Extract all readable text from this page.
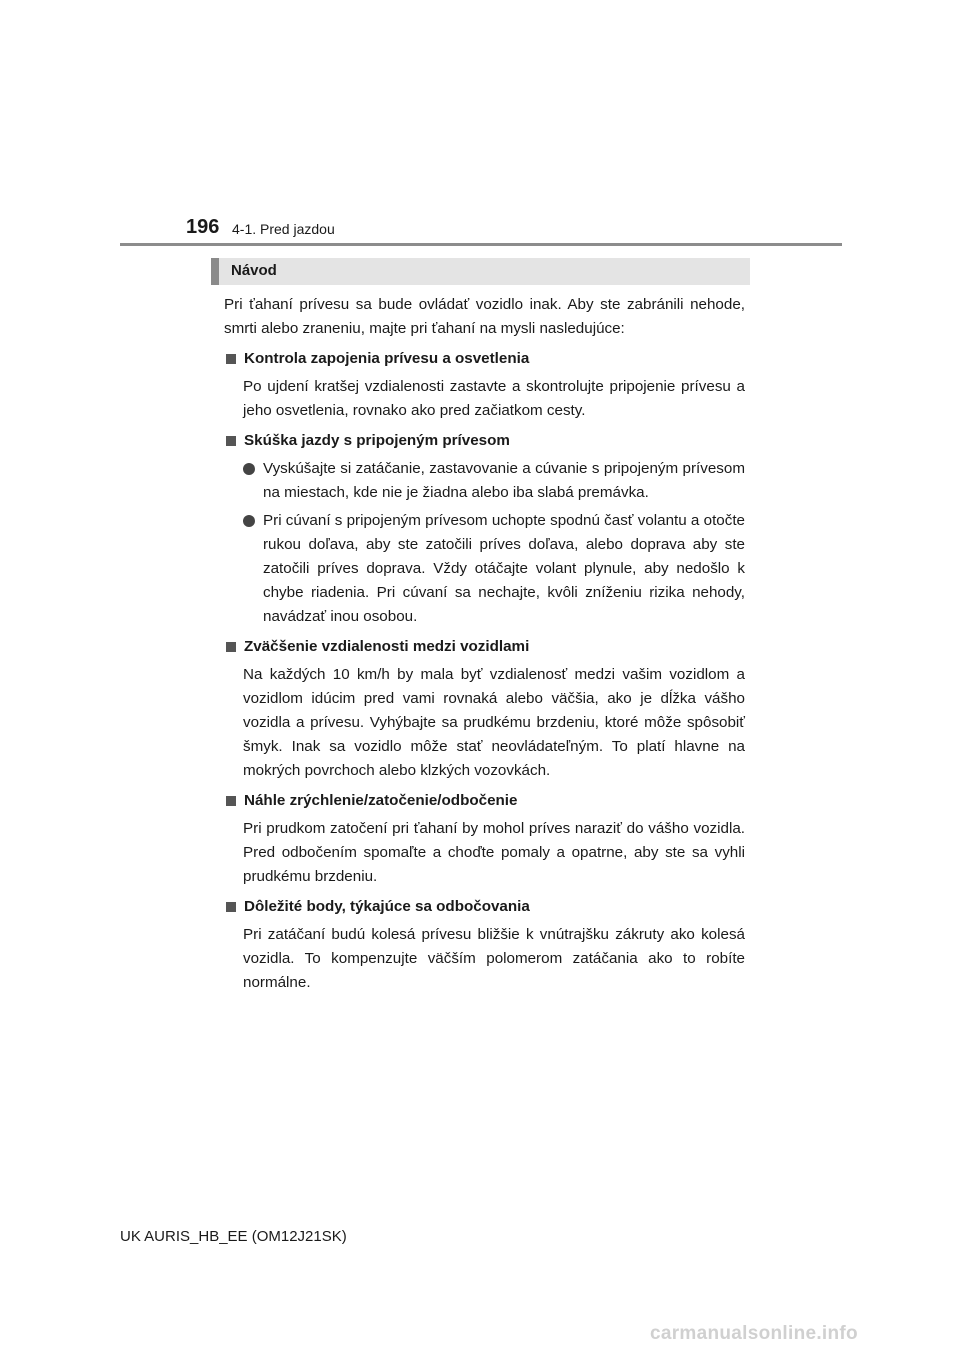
196 4-1. Pred jazdou
Návod

Pri ťahaní prívesu sa bude ovládať vozidlo inak. Aby ste zabránili nehode, smrti alebo zraneniu, majte pri ťahaní na mysli nasledujúce:

Kontrola zapojenia prívesu a osvetlenia

Po ujdení kratšej vzdialenosti zastavte a skontrolujte pripojenie prívesu a jeho osvetlenia, rovnako ako pred začiatkom cesty.

Skúška jazdy s pripojeným prívesom
Vyskúšajte si zatáčanie, zastavovanie a cúvanie s pripojeným prívesom na miestach, kde nie je žiadna alebo iba slabá premávka.
Pri cúvaní s pripojeným prívesom uchopte spodnú časť volantu a otočte rukou doľava, aby ste zatočili príves doľava, alebo doprava aby ste zatočili príves doprava. Vždy otáčajte volant plynule, aby nedošlo k chybe riadenia. Pri cúvaní sa nechajte, kvôli zníženiu rizika nehody, navádzať inou osobou.
Zväčšenie vzdialenosti medzi vozidlami

Na každých 10 km/h by mala byť vzdialenosť medzi vašim vozidlom a vozidlom idúcim pred vami rovnaká alebo väčšia, ako je dĺžka vášho vozidla a prívesu. Vyhýbajte sa prudkému brzdeniu, ktoré môže spôsobiť šmyk. Inak sa vozidlo môže stať neovládateľným. To platí hlavne na mokrých povrchoch alebo klzkých vozovkách.

Náhle zrýchlenie/zatočenie/odbočenie

Pri prudkom zatočení pri ťahaní by mohol príves naraziť do vášho vozidla. Pred odbočením spomaľte a choďte pomaly a opatrne, aby ste sa vyhli prudkému brzdeniu.

Dôležité body, týkajúce sa odbočovania

Pri zatáčaní budú kolesá prívesu bližšie k vnútrajšku zákruty ako kolesá vozidla. To kompenzujte väčším polomerom zatáčania ako to robíte normálne.

UK AURIS_HB_EE (OM12J21SK)
carmanualsonline.info
